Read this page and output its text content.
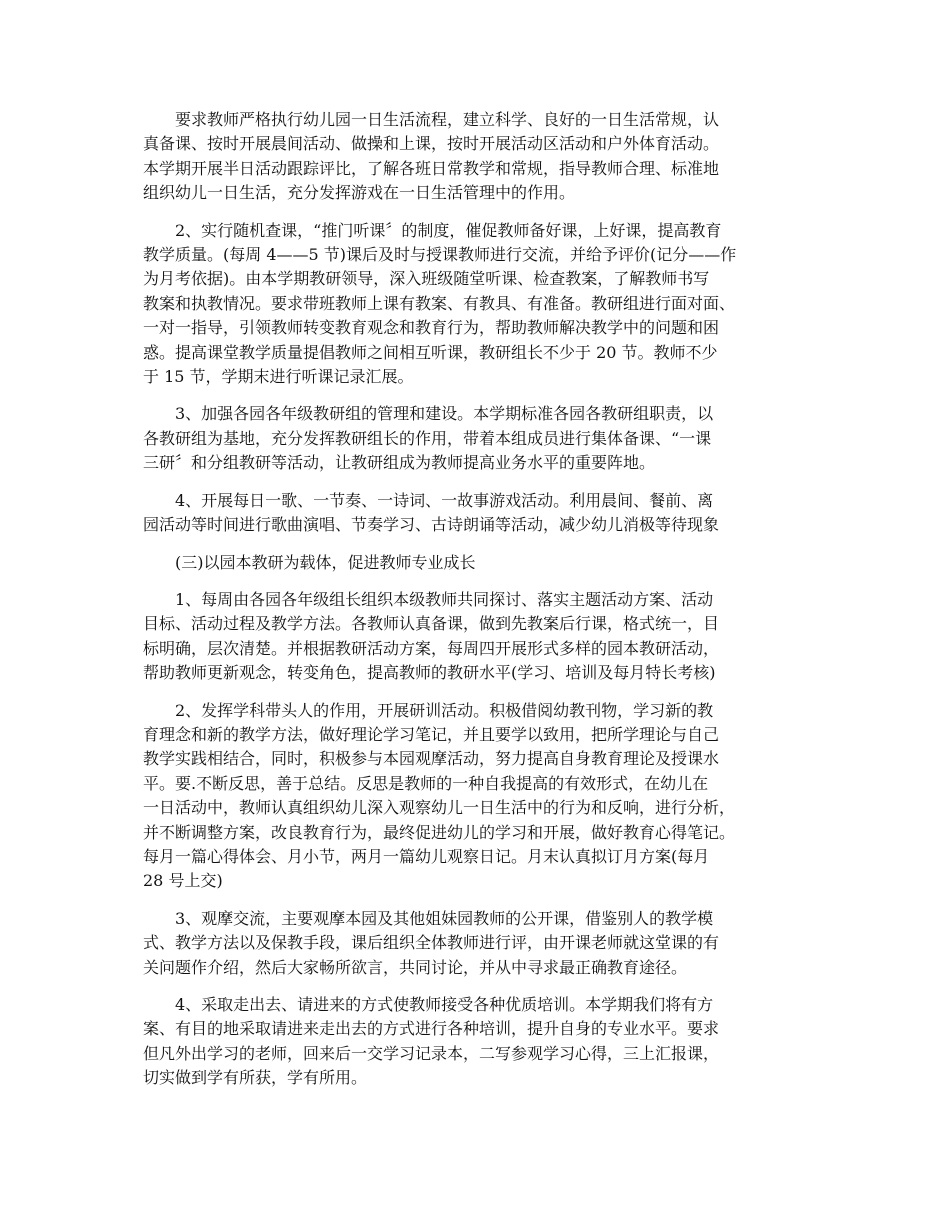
要求教师严格执行幼儿园一日生活流程，建立科学、良好的一日生活常规，认
真备课、按时开展晨间活动、做操和上课，按时开展活动区活动和户外体育活动。
本学期开展半日活动跟踪评比，了解各班日常教学和常规，指导教师合理、标准地
组织幼儿一日生活，充分发挥游戏在一日生活管理中的作用。
2、实行随机查课，“推门听课〞的制度，催促教师备好课，上好课，提高教育
教学质量。(每周 4——5 节)课后及时与授课教师进行交流，并给予评价(记分——作
为月考依据)。由本学期教研领导，深入班级随堂听课、检查教案，了解教师书写
教案和执教情况。要求带班教师上课有教案、有教具、有准备。教研组进行面对面、
一对一指导，引领教师转变教育观念和教育行为，帮助教师解决教学中的问题和困
惑。提高课堂教学质量提倡教师之间相互听课，教研组长不少于 20 节。教师不少
于 15 节，学期末进行听课记录汇展。
3、加强各园各年级教研组的管理和建设。本学期标准各园各教研组职责，以
各教研组为基地，充分发挥教研组长的作用，带着本组成员进行集体备课、“一课
三研〞和分组教研等活动，让教研组成为教师提高业务水平的重要阵地。
4、开展每日一歌、一节奏、一诗词、一故事游戏活动。利用晨间、餐前、离
园活动等时间进行歌曲演唱、节奏学习、古诗朗诵等活动，减少幼儿消极等待现象
(三)以园本教研为载体，促进教师专业成长
1、每周由各园各年级组长组织本级教师共同探讨、落实主题活动方案、活动
目标、活动过程及教学方法。各教师认真备课，做到先教案后行课，格式统一，目
标明确，层次清楚。并根据教研活动方案，每周四开展形式多样的园本教研活动，
帮助教师更新观念，转变角色，提高教师的教研水平(学习、培训及每月特长考核)
2、发挥学科带头人的作用，开展研训活动。积极借阅幼教刊物，学习新的教
育理念和新的教学方法，做好理论学习笔记，并且要学以致用，把所学理论与自己
教学实践相结合，同时，积极参与本园观摩活动，努力提高自身教育理论及授课水
平。要.不断反思，善于总结。反思是教师的一种自我提高的有效形式，在幼儿在
一日活动中，教师认真组织幼儿深入观察幼儿一日生活中的行为和反响，进行分析，
并不断调整方案，改良教育行为，最终促进幼儿的学习和开展，做好教育心得笔记。
每月一篇心得体会、月小节，两月一篇幼儿观察日记。月末认真拟订月方案(每月
28 号上交)
3、观摩交流，主要观摩本园及其他姐妹园教师的公开课，借鉴别人的教学模
式、教学方法以及保教手段，课后组织全体教师进行评，由开课老师就这堂课的有
关问题作介绍，然后大家畅所欲言，共同讨论，并从中寻求最正确教育途径。
4、采取走出去、请进来的方式使教师接受各种优质培训。本学期我们将有方
案、有目的地采取请进来走出去的方式进行各种培训，提升自身的专业水平。要求
但凡外出学习的老师，回来后一交学习记录本，二写参观学习心得，三上汇报课，
切实做到学有所获，学有所用。
